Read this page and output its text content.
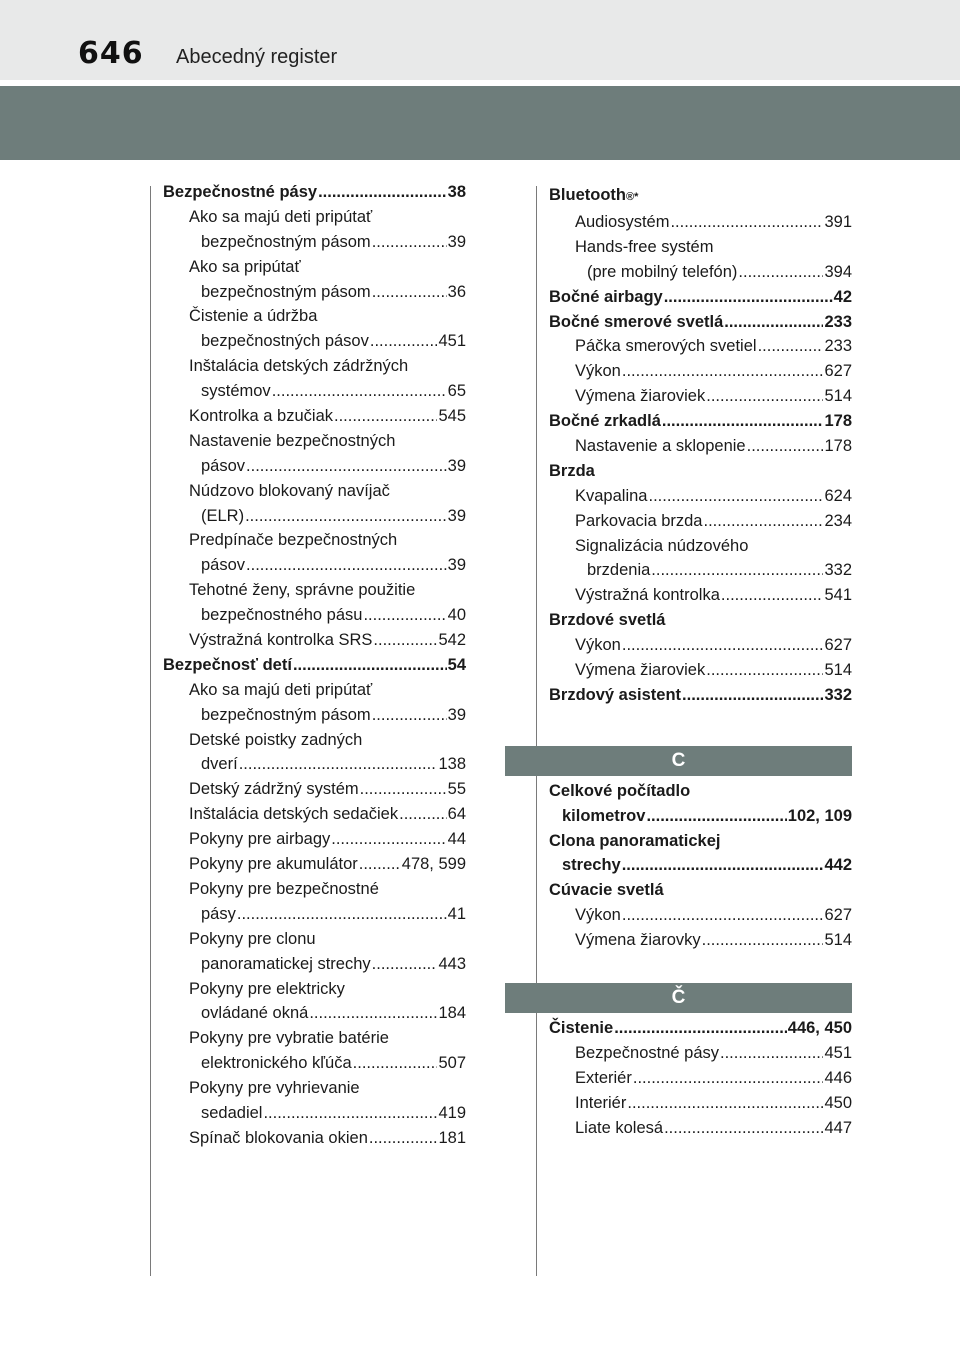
646 Abecedný register
Bezpečnostné pásy .....	38
Ako sa majú deti pripútať
bezpečnostným pásom .....	39
Ako sa pripútať
bezpečnostným pásom .....	36
Čistenie a údržba
bezpečnostných pásov .....	451
Inštalácia detských zádržných
systémov .....	65
Kontrolka a bzučiak .....	545
Nastavenie bezpečnostných
pásov .....	39
Núdzovo blokovaný navíjač
(ELR) .....	39
Predpínače bezpečnostných
pásov .....	39
Tehotné ženy, správne použitie
bezpečnostného pásu .....	40
Výstražná kontrolka SRS .....	542
Bezpečnosť detí .....	54
Ako sa majú deti pripútať
bezpečnostným pásom .....	39
Detské poistky zadných
dverí .....	138
Detský zádržný systém .....	55
Inštalácia detských sedačiek .....	64
Pokyny pre airbagy .....	44
Pokyny pre akumulátor .....	478, 599
Pokyny pre bezpečnostné
pásy .....	41
Pokyny pre clonu
panoramatickej strechy .....	443
Pokyny pre elektricky
ovládané okná .....	184
Pokyny pre vybratie batérie
elektronického kľúča .....	507
Pokyny pre vyhrievanie
sedadiel .....	419
Spínač blokovania okien .....	181
Bluetooth ®*
Audiosystém .....	391
Hands-free systém
(pre mobilný telefón) .....	394
Bočné airbagy .....	42
Bočné smerové svetlá .....	233
Páčka smerových svetiel .....	233
Výkon .....	627
Výmena žiaroviek .....	514
Bočné zrkadlá .....	178
Nastavenie a sklopenie .....	178
Brzda
Kvapalina .....	624
Parkovacia brzda .....	234
Signalizácia núdzového
brzdenia .....	332
Výstražná kontrolka .....	541
Brzdové svetlá
Výkon .....	627
Výmena žiaroviek .....	514
Brzdový asistent .....	332
C
Celkové počítadlo
kilometrov .....	102, 109
Clona panoramatickej
strechy .....	442
Cúvacie svetlá
Výkon .....	627
Výmena žiarovky .....	514
Č
Čistenie .....	446, 450
Bezpečnostné pásy .....	451
Exteriér .....	446
Interiér .....	450
Liate kolesá .....	447
